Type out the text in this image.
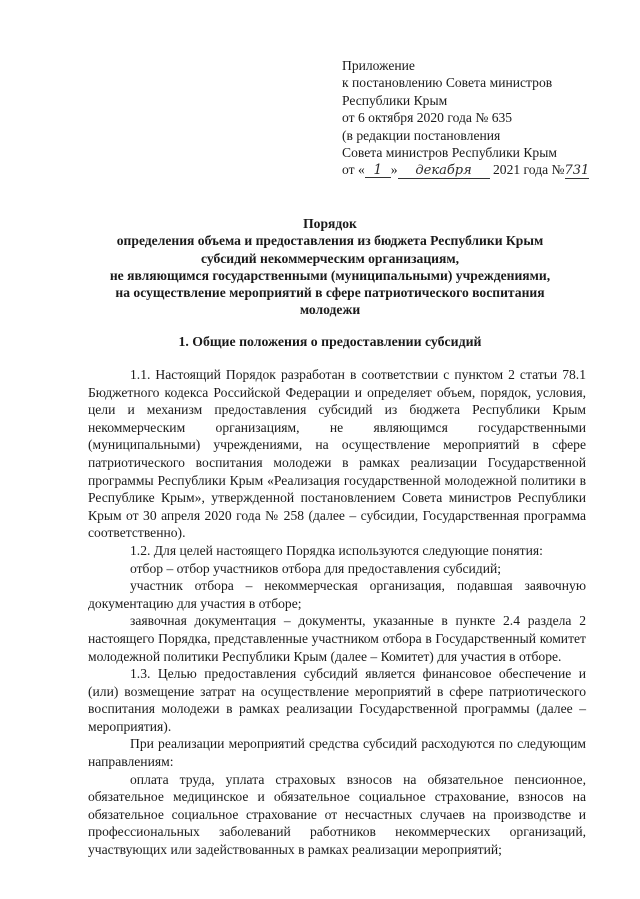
Приложение
к постановлению Совета министров
Республики Крым
от 6 октября 2020 года № 635
(в редакции постановления
Совета министров Республики Крым
от « 1 » декабря 2021 года №731
Порядок
определения объема и предоставления из бюджета Республики Крым
субсидий некоммерческим организациям,
не являющимся государственными (муниципальными) учреждениями,
на осуществление мероприятий в сфере патриотического воспитания
молодежи
1. Общие положения о предоставлении субсидий

1.1. Настоящий Порядок разработан в соответствии с пунктом 2 статьи 78.1 Бюджетного кодекса Российской Федерации и определяет объем, порядок, условия, цели и механизм предоставления субсидий из бюджета Республики Крым некоммерческим организациям, не являющимся государственными (муниципальными) учреждениями, на осуществление мероприятий в сфере патриотического воспитания молодежи в рамках реализации Государственной программы Республики Крым «Реализация государственной молодежной политики в Республике Крым», утвержденной постановлением Совета министров Республики Крым от 30 апреля 2020 года № 258 (далее – субсидии, Государственная программа соответственно).

1.2. Для целей настоящего Порядка используются следующие понятия:

отбор – отбор участников отбора для предоставления субсидий;

участник отбора – некоммерческая организация, подавшая заявочную документацию для участия в отборе;

заявочная документация – документы, указанные в пункте 2.4 раздела 2 настоящего Порядка, представленные участником отбора в Государственный комитет молодежной политики Республики Крым (далее – Комитет) для участия в отборе.

1.3. Целью предоставления субсидий является финансовое обеспечение и (или) возмещение затрат на осуществление мероприятий в сфере патриотического воспитания молодежи в рамках реализации Государственной программы (далее – мероприятия).

При реализации мероприятий средства субсидий расходуются по следующим направлениям:

оплата труда, уплата страховых взносов на обязательное пенсионное, обязательное медицинское и обязательное социальное страхование, взносов на обязательное социальное страхование от несчастных случаев на производстве и профессиональных заболеваний работников некоммерческих организаций, участвующих или задействованных в рамках реализации мероприятий;
